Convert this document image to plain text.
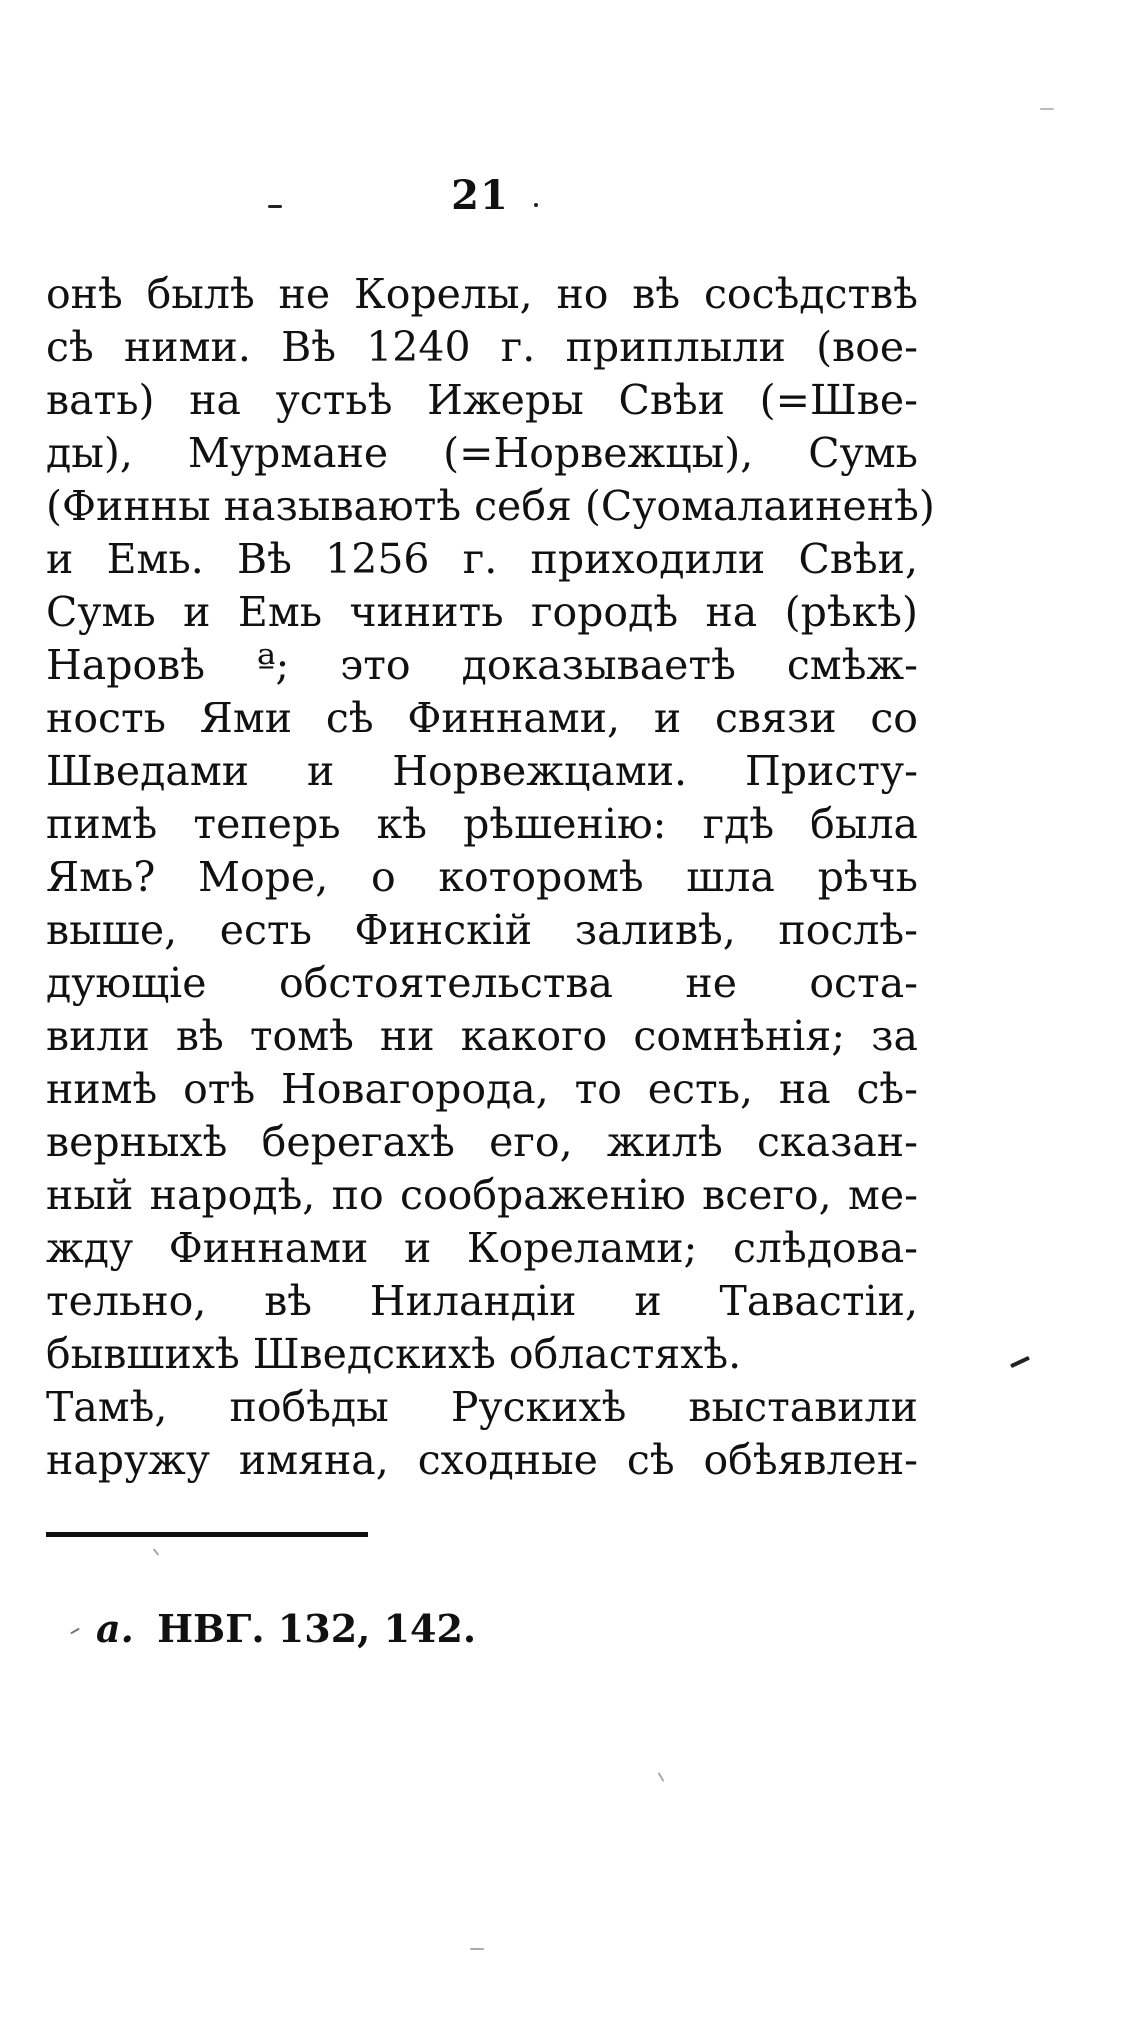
21
онѣ былѣ не Корелы, но вѣ сосѣдствѣ
сѣ ними. Вѣ 1240 г. приплыли (вое-
вать) на устьѣ Ижеры Свѣи (=Шве-
ды), Мурмане (=Норвежцы), Сумь
(Финны называютѣ себя (Суомалаиненѣ)
и Емь. Вѣ 1256 г. приходили Свѣи,
Сумь и Емь чинить городѣ на (рѣкѣ)
Наровѣ ª; это доказываетѣ смѣж-
ность Ями сѣ Финнами, и связи со
Шведами и Норвежцами. Присту-
пимѣ теперь кѣ рѣшенію: гдѣ была
Ямь? Море, о которомѣ шла рѣчь
выше, есть Финскій заливѣ, послѣ-
дующіе обстоятельства не оста-
вили вѣ томѣ ни какого сомнѣнія; за
нимѣ отѣ Новагорода, то есть, на сѣ-
верныхѣ берегахѣ его, жилѣ сказан-
ный народѣ, по соображенію всего, ме-
жду Финнами и Корелами; слѣдова-
тельно, вѣ Ниландіи и Тавастіи,
бывшихѣ Шведскихѣ областяхѣ.
Тамѣ, побѣды Рускихѣ выставили
наружу имяна, сходные сѣ обѣявлен-
a. НВГ. 132, 142.
